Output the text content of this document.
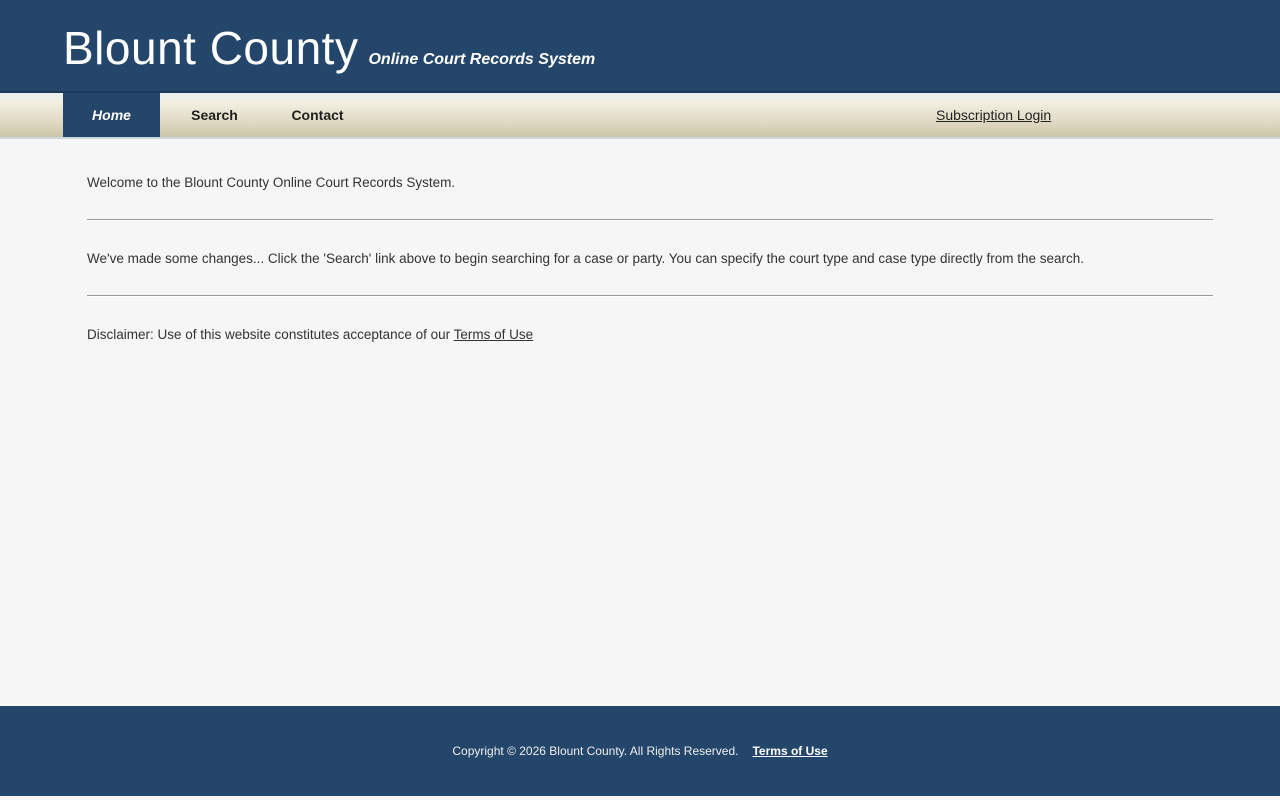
Blount County Online Court Records System
Home	Search	Contact	Subscription Login

Welcome to the Blount County Online Court Records System.

We've made some changes... Click the 'Search' link above to begin searching for a case or party. You can specify the court type and case type directly from the search.

Disclaimer: Use of this website constitutes acceptance of our Terms of Use

Copyright © 2026 Blount County. All Rights Reserved. Terms of Use
